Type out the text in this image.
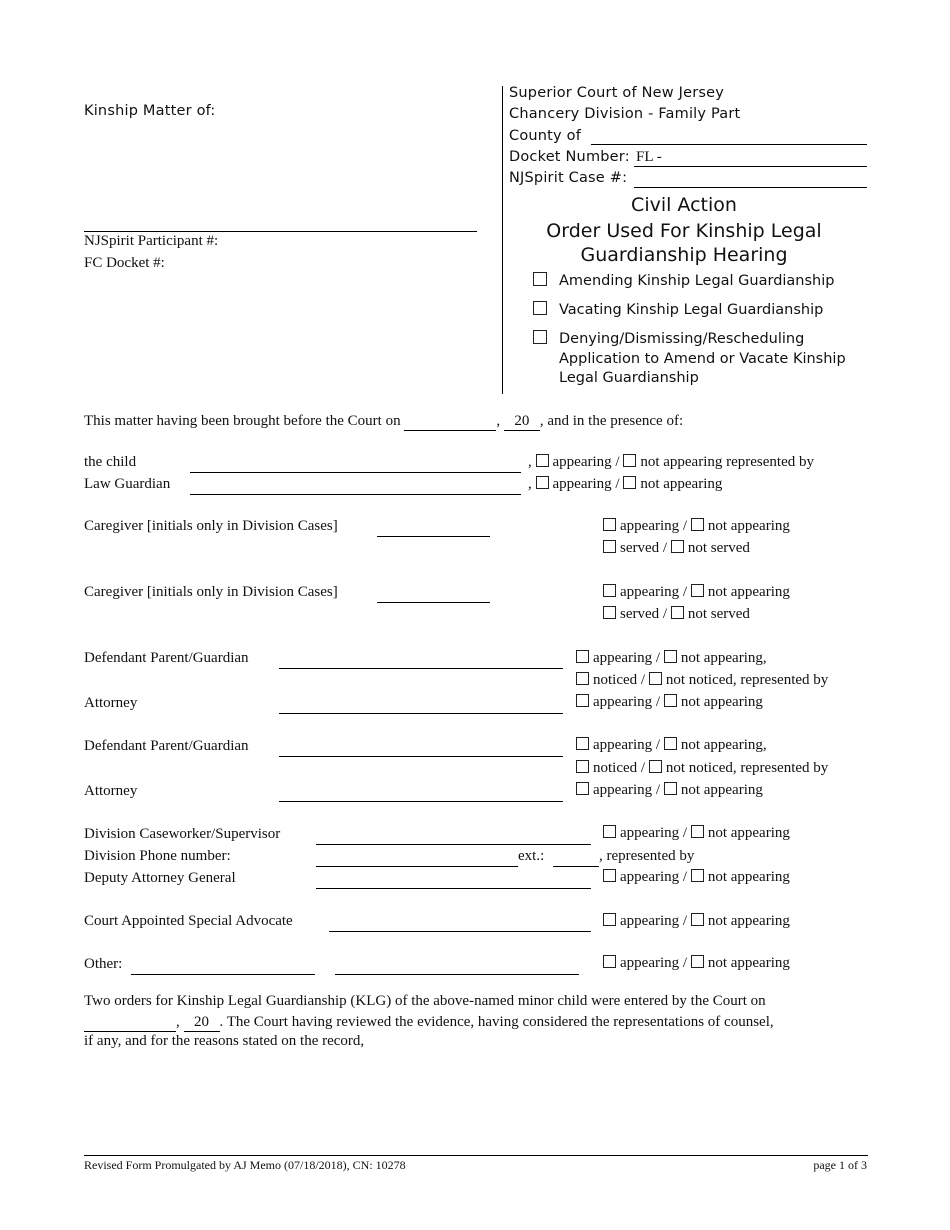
Kinship Matter of:
NJSpirit Participant #:
FC Docket #:
Superior Court of New Jersey
Chancery Division - Family Part
County of
Docket Number: FL -
NJSpirit Case #:
Civil Action
Order Used For Kinship Legal
Guardianship Hearing
Amending Kinship Legal Guardianship
Vacating Kinship Legal Guardianship
Denying/Dismissing/Rescheduling
Application to Amend or Vacate Kinship
Legal Guardianship
This matter having been brought before the Court on	, 20 , and in the presence of:
the child	, appearing / not appearing represented by
Law Guardian	, appearing / not appearing
Caregiver [initials only in Division Cases]	appearing / not appearing
served / not served
Caregiver [initials only in Division Cases]	appearing / not appearing
served / not served
Defendant Parent/Guardian	appearing / not appearing,
noticed / not noticed, represented by
Attorney	appearing / not appearing
Defendant Parent/Guardian	appearing / not appearing,
noticed / not noticed, represented by
Attorney	appearing / not appearing
Division Caseworker/Supervisor	appearing / not appearing
Division Phone number:	ext.:	, represented by
Deputy Attorney General	appearing / not appearing
Court Appointed Special Advocate	appearing / not appearing
Other:	appearing / not appearing
Two orders for Kinship Legal Guardianship (KLG) of the above-named minor child were entered by the Court on
, 20 . The Court having reviewed the evidence, having considered the representations of counsel,
if any, and for the reasons stated on the record,
Revised Form Promulgated by AJ Memo (07/18/2018), CN: 10278	page 1 of 3
